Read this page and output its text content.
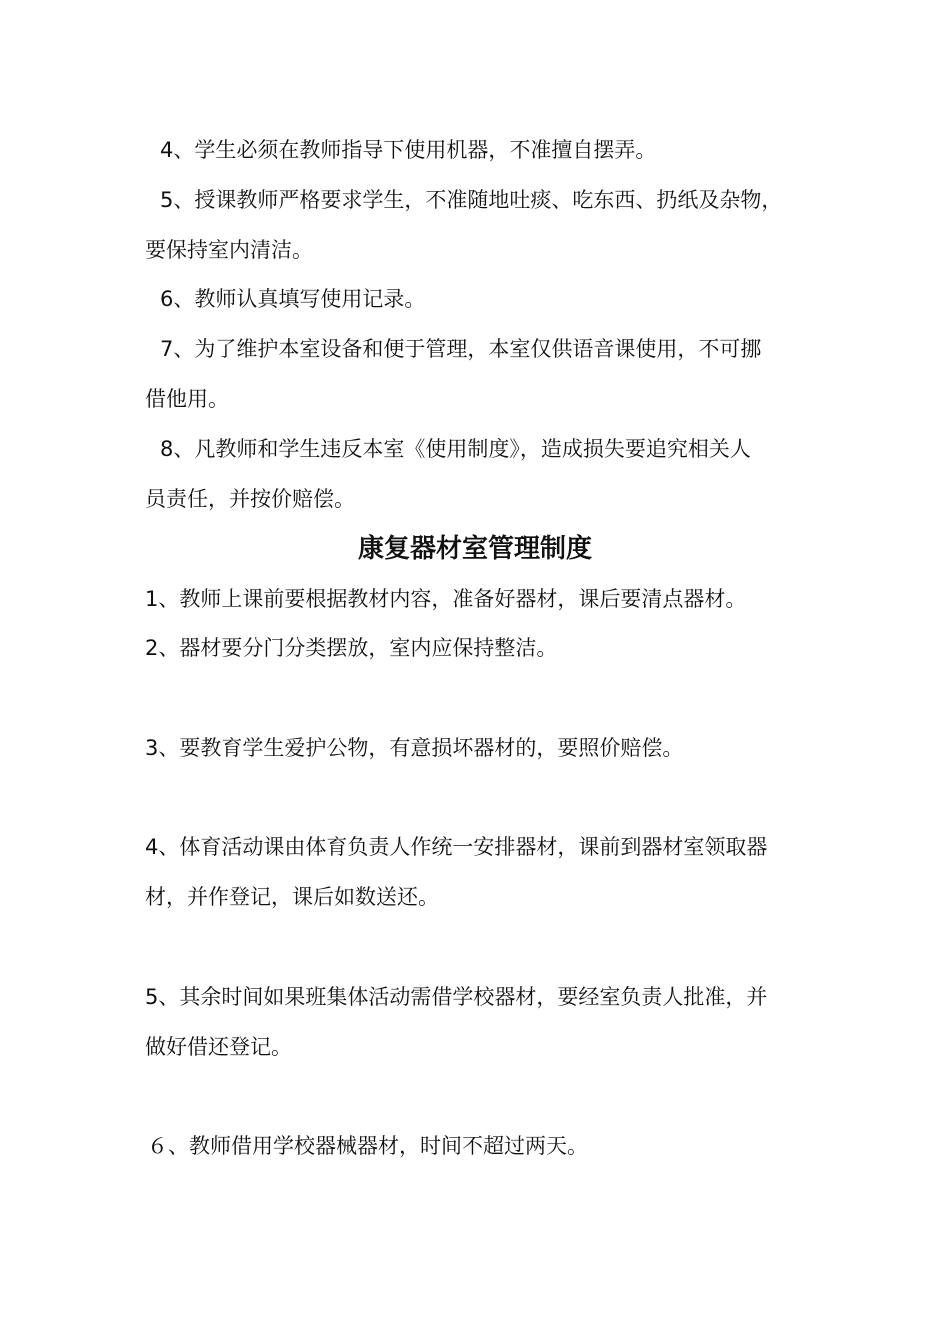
4、学生必须在教师指导下使用机器，不准擅自摆弄。
5、授课教师严格要求学生，不准随地吐痰、吃东西、扔纸及杂物，
要保持室内清洁。
6、教师认真填写使用记录。
7、为了维护本室设备和便于管理，本室仅供语音课使用，不可挪
借他用。
8、凡教师和学生违反本室《使用制度》，造成损失要追究相关人
员责任，并按价赔偿。
康复器材室管理制度
1、教师上课前要根据教材内容，准备好器材，课后要清点器材。
2、器材要分门分类摆放，室内应保持整洁。
3、要教育学生爱护公物，有意损坏器材的，要照价赔偿。
4、体育活动课由体育负责人作统一安排器材，课前到器材室领取器
材，并作登记，课后如数送还。
5、其余时间如果班集体活动需借学校器材，要经室负责人批准，并
做好借还登记。
６、教师借用学校器械器材，时间不超过两天。
